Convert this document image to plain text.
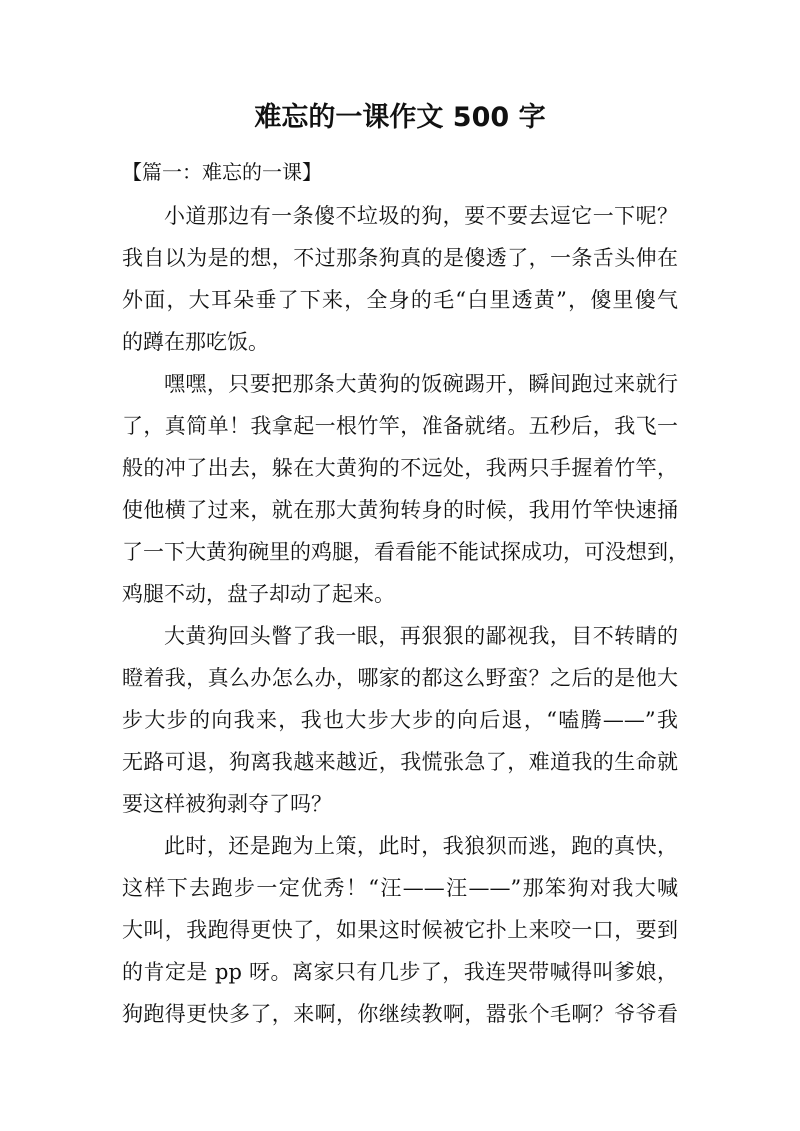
难忘的一课作文 500 字
【篇一：难忘的一课】

小道那边有一条傻不垃圾的狗，要不要去逗它一下呢？

我自以为是的想，不过那条狗真的是傻透了，一条舌头伸在

外面，大耳朵垂了下来，全身的毛“白里透黄”，傻里傻气

的蹲在那吃饭。

嘿嘿，只要把那条大黄狗的饭碗踢开，瞬间跑过来就行

了，真简单！我拿起一根竹竿，准备就绪。五秒后，我飞一

般的冲了出去，躲在大黄狗的不远处，我两只手握着竹竿，

使他横了过来，就在那大黄狗转身的时候，我用竹竿快速捅

了一下大黄狗碗里的鸡腿，看看能不能试探成功，可没想到，

鸡腿不动，盘子却动了起来。

大黄狗回头瞥了我一眼，再狠狠的鄙视我，目不转睛的

瞪着我，真么办怎么办，哪家的都这么野蛮？之后的是他大

步大步的向我来，我也大步大步的向后退，“嗑腾——”我

无路可退，狗离我越来越近，我慌张急了，难道我的生命就

要这样被狗剥夺了吗？

此时，还是跑为上策，此时，我狼狈而逃，跑的真快，

这样下去跑步一定优秀！“汪——汪——”那笨狗对我大喊

大叫，我跑得更快了，如果这时候被它扑上来咬一口，要到

的肯定是 pp 呀。离家只有几步了，我连哭带喊得叫爹娘，

狗跑得更快多了，来啊，你继续教啊，嚣张个毛啊？爷爷看
